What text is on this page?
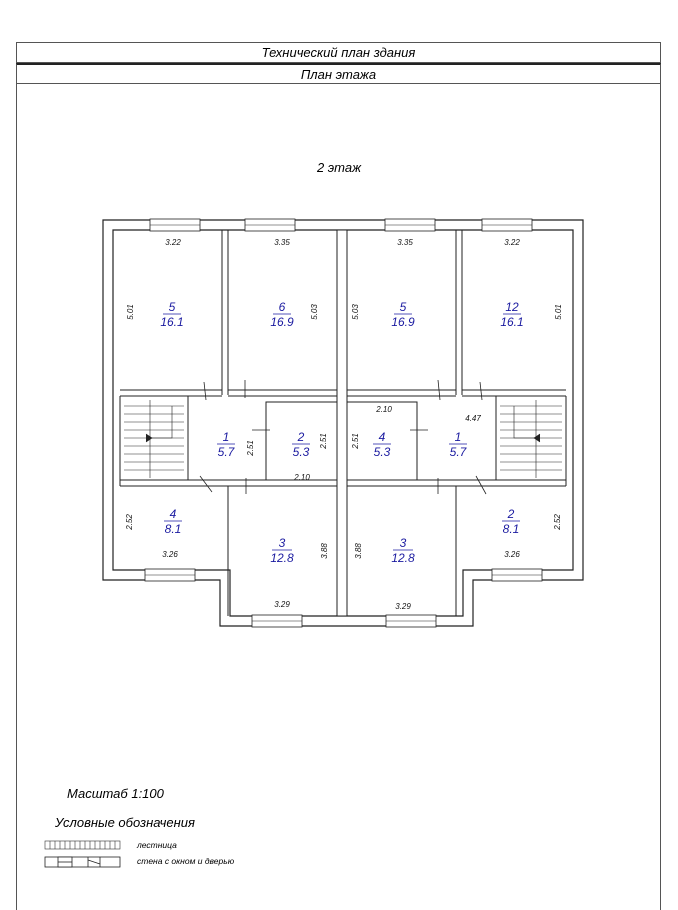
Технический план здания
План этажа
2 этаж
3.22	3.35	3.35	3.22
5.01	5.03	5.03	5.01
2.51	2.51
2.10
2.51
2.10
4.47
2.52
3.26	3.88	3.88	3.26
2.52
3.29	3.29
5
16.1
6
16.9
5
16.9
12
16.1
1
5.7
2
5.3
4
5.3
1
5.7
4
8.1
3
12.8
3
12.8
2
8.1
Масштаб 1:100
Условные обозначения
лестница
стена с окном и дверью
